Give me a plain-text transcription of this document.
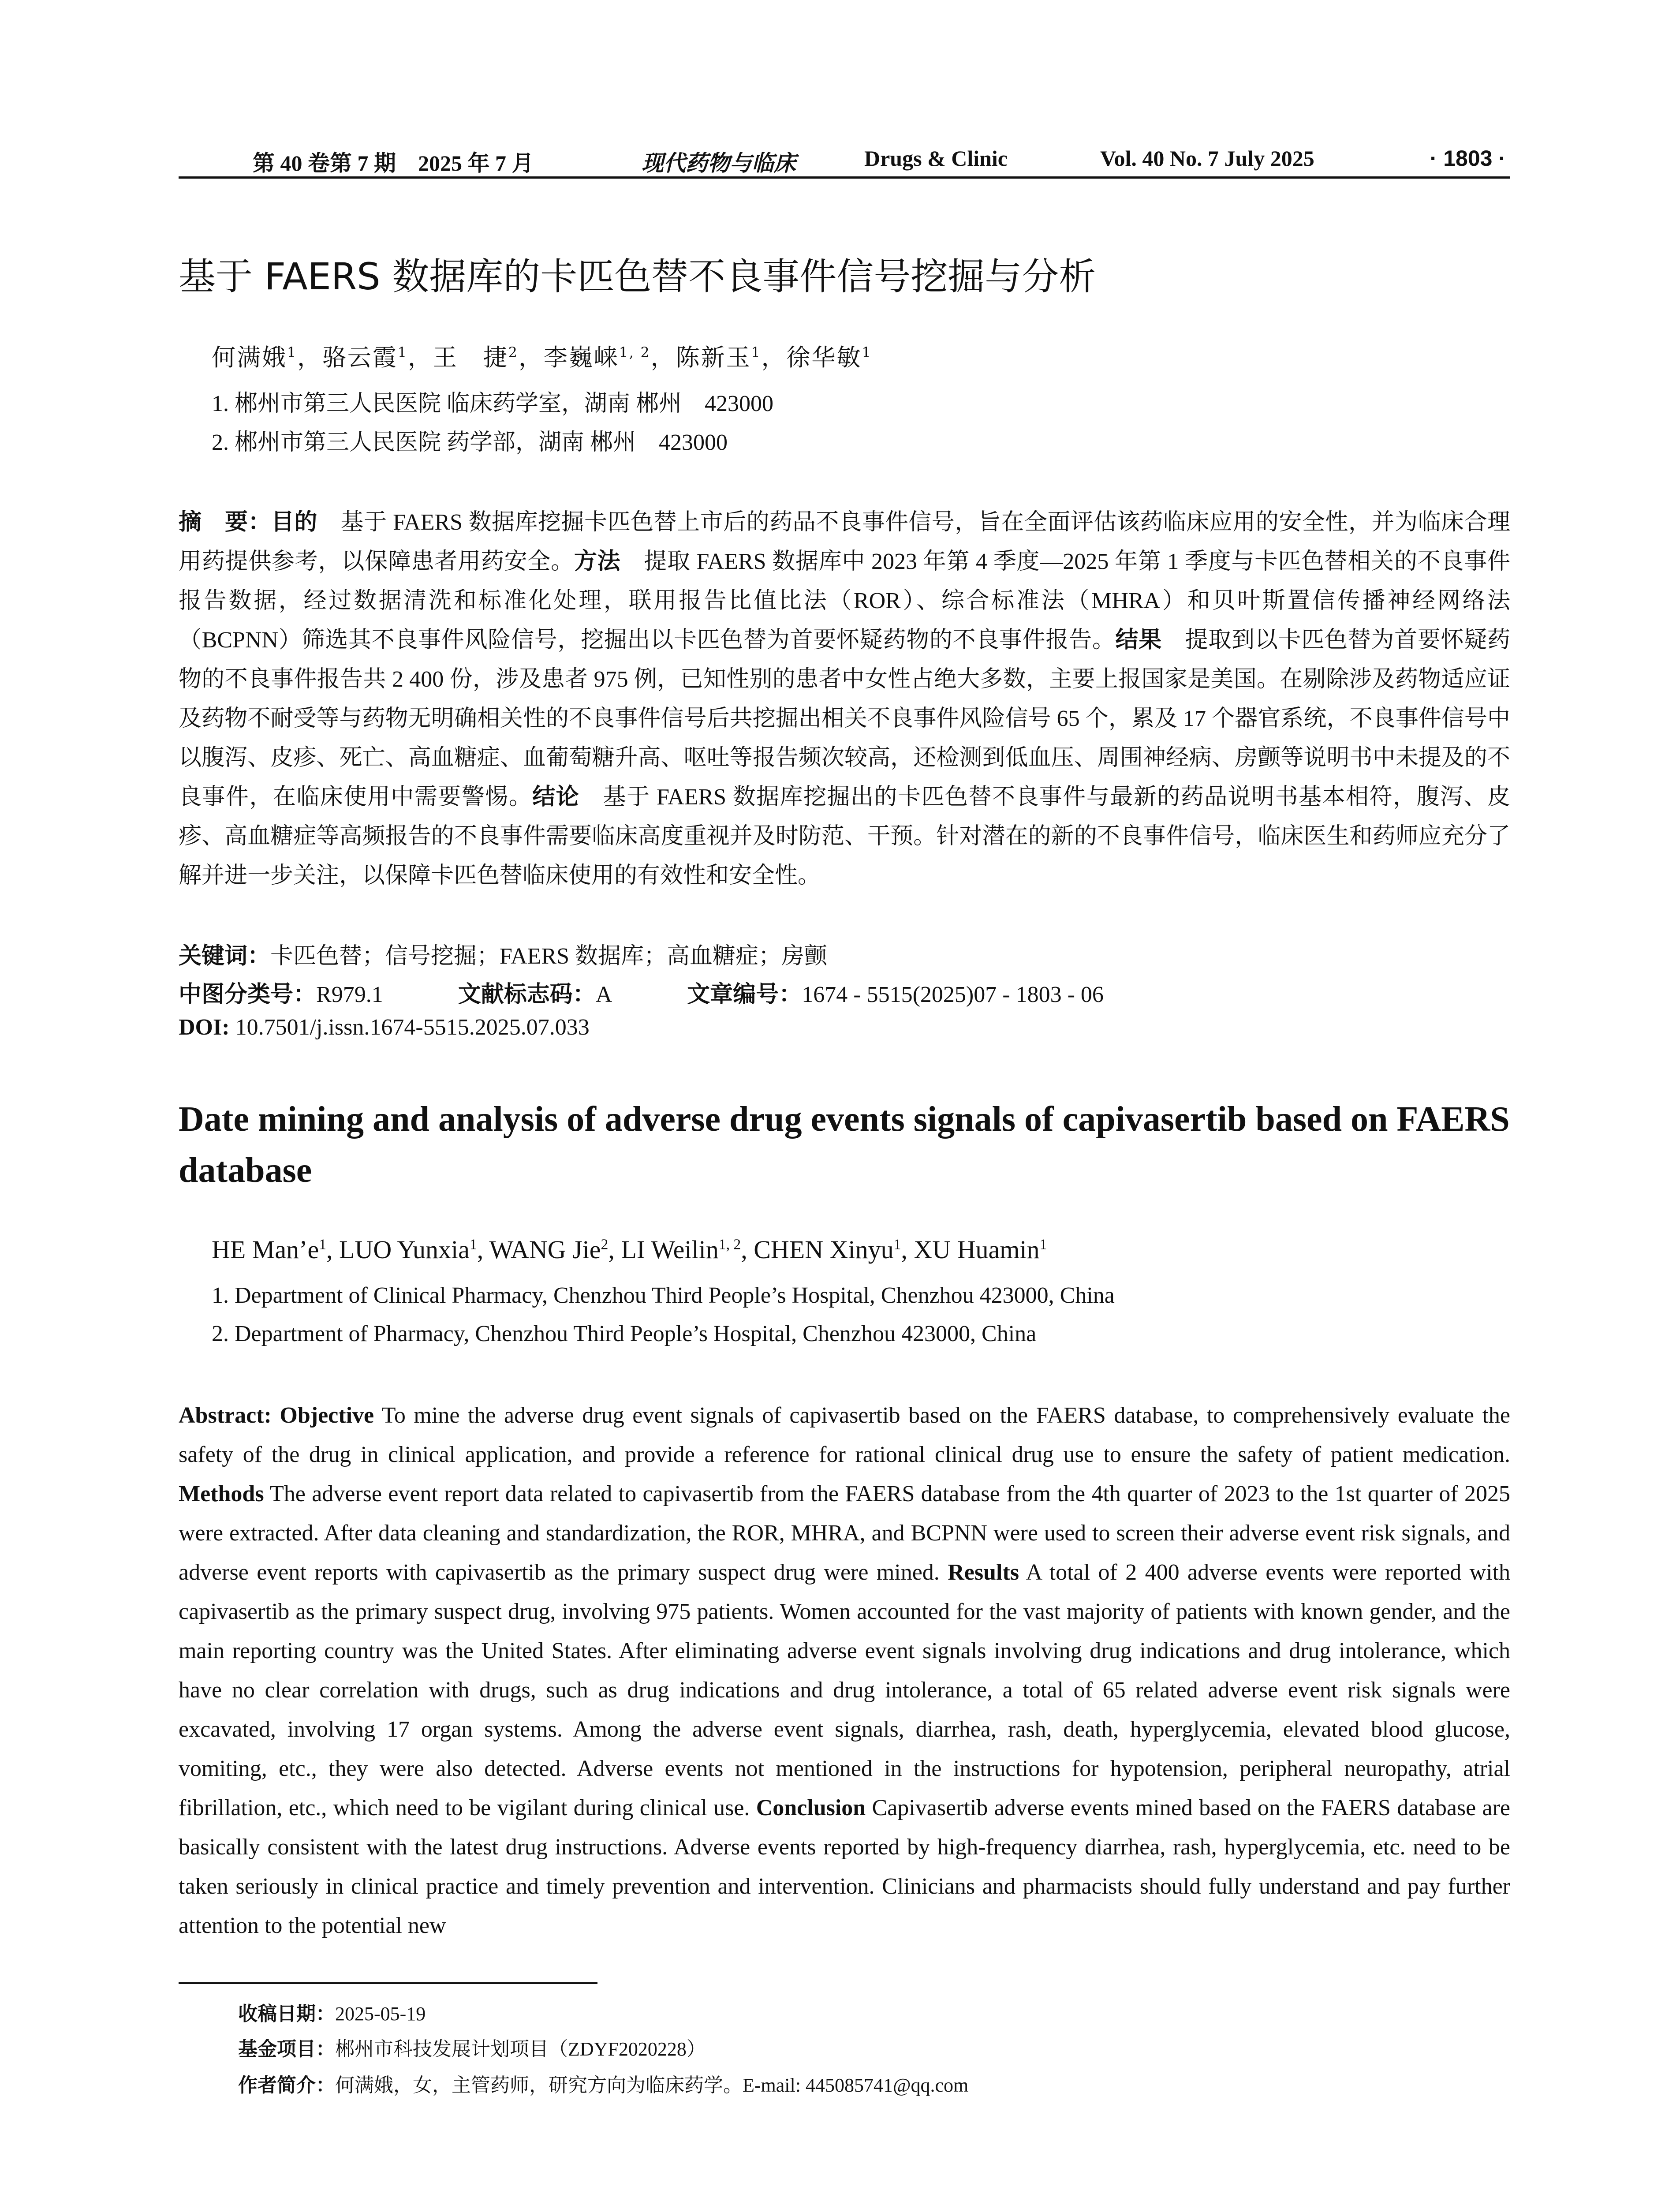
第 40 卷第 7 期　2025 年 7 月	现代药物与临床	Drugs & Clinic	Vol. 40 No. 7 July 2025	· 1803 ·
基于 FAERS 数据库的卡匹色替不良事件信号挖掘与分析
何满娥$^1$，骆云霞$^1$，王　捷$^2$，李巍崃$^{1, 2}$，陈新玉$^1$，徐华敏$^1$
1. 郴州市第三人民医院 临床药学室，湖南 郴州　423000
2. 郴州市第三人民医院 药学部，湖南 郴州　423000
摘　要：目的　基于 FAERS 数据库挖掘卡匹色替上市后的药品不良事件信号，旨在全面评估该药临床应用的安全性，并为临床合理用药提供参考，以保障患者用药安全。方法　提取 FAERS 数据库中 2023 年第 4 季度—2025 年第 1 季度与卡匹色替相关的不良事件报告数据，经过数据清洗和标准化处理，联用报告比值比法（ROR）、综合标准法（MHRA）和贝叶斯置信传播神经网络法（BCPNN）筛选其不良事件风险信号，挖掘出以卡匹色替为首要怀疑药物的不良事件报告。结果　提取到以卡匹色替为首要怀疑药物的不良事件报告共 2 400 份，涉及患者 975 例，已知性别的患者中女性占绝大多数，主要上报国家是美国。在剔除涉及药物适应证及药物不耐受等与药物无明确相关性的不良事件信号后共挖掘出相关不良事件风险信号 65 个，累及 17 个器官系统，不良事件信号中以腹泻、皮疹、死亡、高血糖症、血葡萄糖升高、呕吐等报告频次较高，还检测到低血压、周围神经病、房颤等说明书中未提及的不良事件，在临床使用中需要警惕。结论　基于 FAERS 数据库挖掘出的卡匹色替不良事件与最新的药品说明书基本相符，腹泻、皮疹、高血糖症等高频报告的不良事件需要临床高度重视并及时防范、干预。针对潜在的新的不良事件信号，临床医生和药师应充分了解并进一步关注，以保障卡匹色替临床使用的有效性和安全性。
关键词：卡匹色替；信号挖掘；FAERS 数据库；高血糖症；房颤
中图分类号：R979.1	文献标志码：A	文章编号：1674 - 5515(2025)07 - 1803 - 06
DOI: 10.7501/j.issn.1674-5515.2025.07.033
Date mining and analysis of adverse drug events signals of capivasertib based on FAERS database
HE $Man’e^1$, LUO Yunxia$^1$, WANG Jie$^2$, LI Weilin$^{1, 2}$, CHEN Xinyu$^1$, XU Huamin$^1$
1. Department of Clinical Pharmacy, Chenzhou Third People’s Hospital, Chenzhou 423000, China
2. Department of Pharmacy, Chenzhou Third People’s Hospital, Chenzhou 423000, China
Abstract: Objective To mine the adverse drug event signals of capivasertib based on the FAERS database, to comprehensively evaluate the safety of the drug in clinical application, and provide a reference for rational clinical drug use to ensure the safety of patient medication. Methods The adverse event report data related to capivasertib from the FAERS database from the 4th quarter of 2023 to the 1st quarter of 2025 were extracted. After data cleaning and standardization, the ROR, MHRA, and BCPNN were used to screen their adverse event risk signals, and adverse event reports with capivasertib as the primary suspect drug were mined. Results A total of 2 400 adverse events were reported with capivasertib as the primary suspect drug, involving 975 patients. Women accounted for the vast majority of patients with known gender, and the main reporting country was the United States. After eliminating adverse event signals involving drug indications and drug intolerance, which have no clear correlation with drugs, such as drug indications and drug intolerance, a total of 65 related adverse event risk signals were excavated, involving 17 organ systems. Among the adverse event signals, diarrhea, rash, death, hyperglycemia, elevated blood glucose, vomiting, etc., they were also detected. Adverse events not mentioned in the instructions for hypotension, peripheral neuropathy, atrial fibrillation, etc., which need to be vigilant during clinical use. Conclusion Capivasertib adverse events mined based on the FAERS database are basically consistent with the latest drug instructions. Adverse events reported by high-frequency diarrhea, rash, hyperglycemia, etc. need to be taken seriously in clinical practice and timely prevention and intervention. Clinicians and pharmacists should fully understand and pay further attention to the potential new
收稿日期：2025-05-19
基金项目：郴州市科技发展计划项目（ZDYF2020228）
作者简介：何满娥，女，主管药师，研究方向为临床药学。E-mail: 445085741@qq.com
